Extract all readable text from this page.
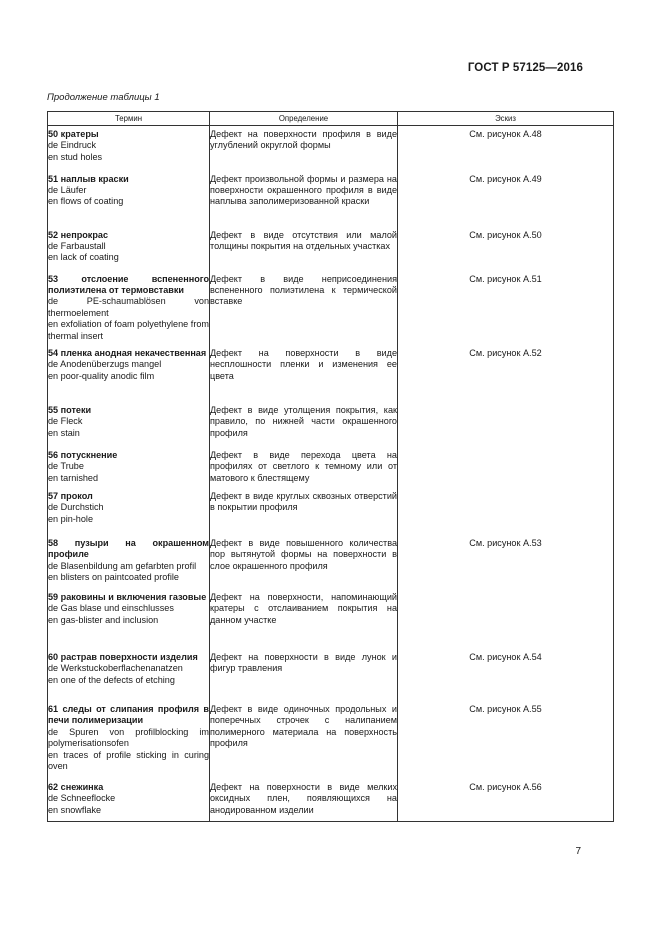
ГОСТ Р 57125—2016
Продолжение таблицы 1
Термин	Определение	Эскиз

50 кратеры
de Eindruck
en stud holes	Дефект на поверхности профиля в виде углублений округлой формы	См. рисунок А.48

51 наплыв краски
de Läufer
en flows of coating	Дефект произвольной формы и размера на поверхности окрашенного профиля в виде наплыва заполимеризованной краски	См. рисунок А.49

52 непрокрас
de Farbaustall
en lack of coating	Дефект в виде отсутствия или малой толщины покрытия на отдельных участках	См. рисунок А.50

53 отслоение вспененного полиэтилена от термовставки
de PE-schaumablösen von thermoelement
en exfoliation of foam polyethylene from thermal insert	Дефект в виде неприсоединения вспененного полиэтилена к термической вставке	См. рисунок А.51

54 пленка анодная некачественная
de Anodenüberzugs mangel
en poor-quality anodic film	Дефект на поверхности в виде несплошности пленки и изменения ее цвета	См. рисунок А.52

55 потеки
de Fleck
en stain	Дефект в виде утолщения покрытия, как правило, по нижней части окрашенного профиля	

56 потускнение
de Trube
en tarnished	Дефект в виде перехода цвета на профилях от светлого к темному или от матового к блестящему	

57 прокол
de Durchstich
en pin-hole	Дефект в виде круглых сквозных отверстий в покрытии профиля	

58 пузыри на окрашенном профиле
de Blasenbildung am gefarbten profil
en blisters on paintcoated profile	Дефект в виде повышенного количества пор вытянутой формы на поверхности в слое окрашенного профиля	См. рисунок А.53

59 раковины и включения газовые
de Gas blase und einschlusses
en gas-blister and inclusion	Дефект на поверхности, напоминающий кратеры с отслаиванием покрытия на данном участке	

60 растрав поверхности изделия
de Werkstuckoberflachenanatzen
en one of the defects of etching	Дефект на поверхности в виде лунок и фигур травления	См. рисунок А.54

61 следы от слипания профиля в печи полимеризации
de Spuren von profilblocking im polymerisationsofen
en traces of profile sticking in curing oven	Дефект в виде одиночных продольных и поперечных строчек с налипанием полимерного материала на поверхность профиля	См. рисунок А.55

62 снежинка
de Schneeflocke
en snowflake	Дефект на поверхности в виде мелких оксидных плен, появляющихся на анодированном изделии	См. рисунок А.56
7
